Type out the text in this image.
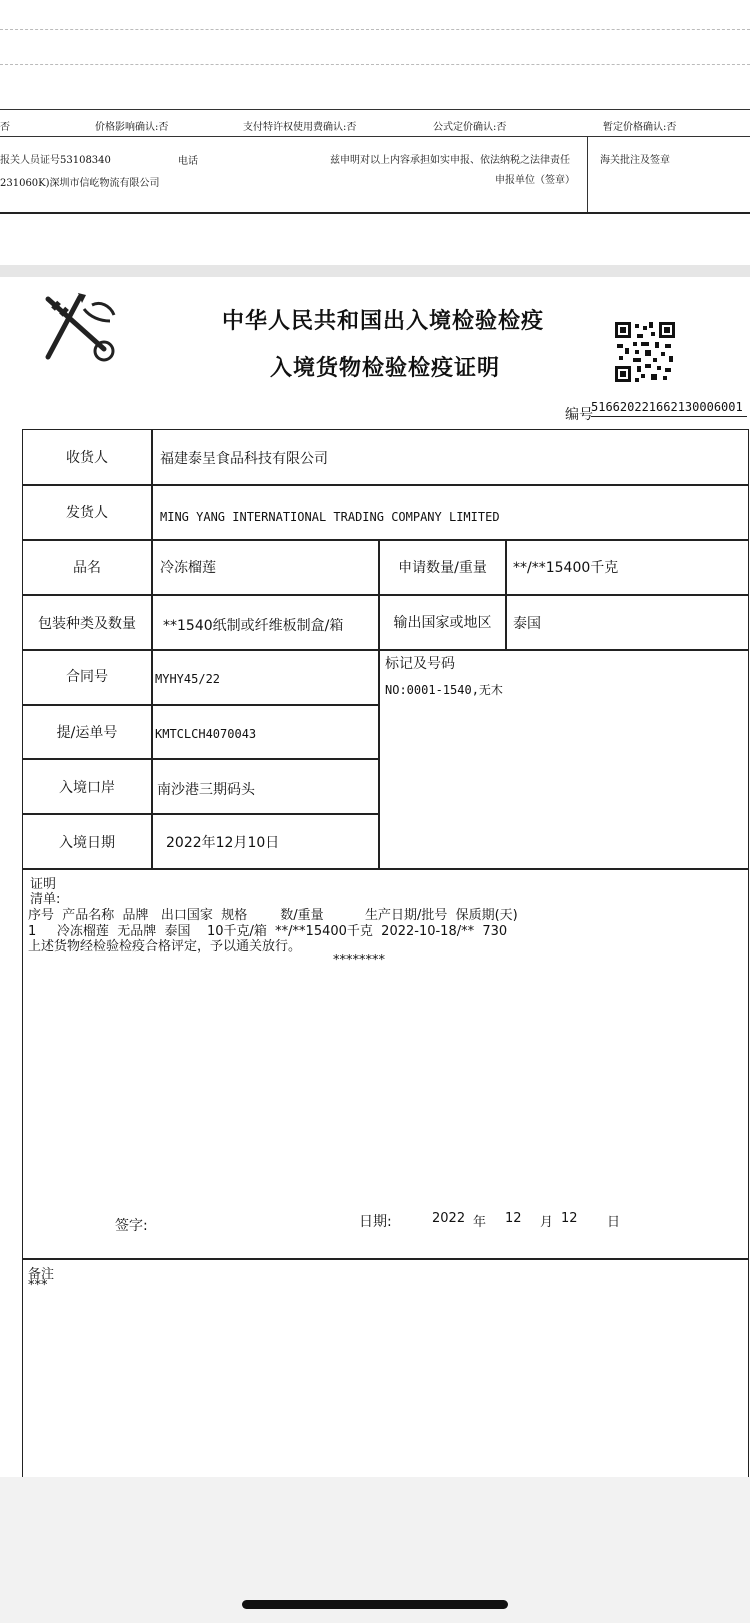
否	价格影响确认:否	支付特许权使用费确认:否	公式定价确认:否	暂定价格确认:否
报关人员证号53108340	电话
231060K)深圳市信屹物流有限公司
兹申明对以上内容承担如实申报、依法纳税之法律责任
申报单位（签章）
海关批注及签章
中华人民共和国出入境检验检疫
入境货物检验检疫证明
编号
516620221662130006001
收货人	福建泰呈食品科技有限公司
发货人	MING YANG INTERNATIONAL TRADING COMPANY LIMITED
品名	冷冻榴莲	申请数量/重量	**/**15400千克
包装种类及数量	**1540纸制或纤维板制盒/箱	输出国家或地区	泰国
合同号	MYHY45/22
标记及号码
NO:0001-1540,无木
提/运单号	KMTCLCH4070043
入境口岸	南沙港三期码头
入境日期	2022年12月10日
证明
清单:
序号  产品名称  品牌   出口国家  规格        数/重量          生产日期/批号  保质期(天)
1     冷冻榴莲  无品牌  泰国    10千克/箱  **/**15400千克  2022-10-18/**  730
上述货物经检验检疫合格评定，予以通关放行。
********
签字:	日期:	2022 年 12 月 12 日
备注
***
